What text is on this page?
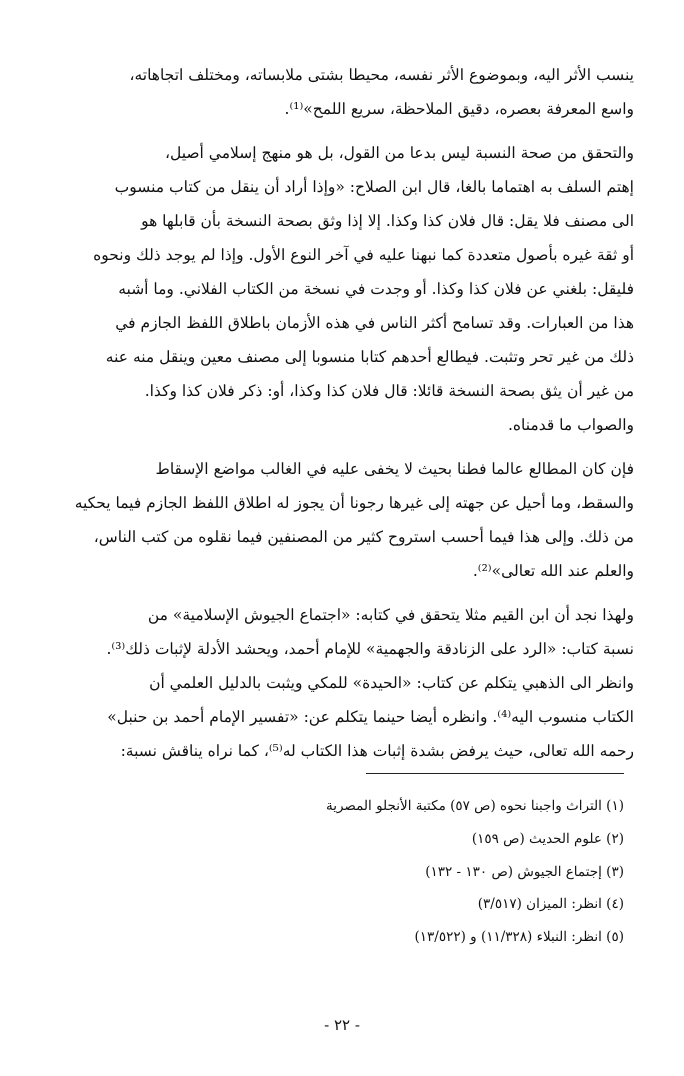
ينسب الأثر اليه، وبموضوع الأثر نفسه، محيطا بشتى ملابساته، ومختلف اتجاهاته،
واسع المعرفة بعصره، دقيق الملاحظة، سريع اللمح»⁽¹⁾.
والتحقق من صحة النسبة ليس بدعا من القول، بل هو منهج إسلامي أصيل،
إهتم السلف به اهتماما بالغا، قال ابن الصلاح: «وإذا أراد أن ينقل من كتاب منسوب
الى مصنف فلا يقل: قال فلان كذا وكذا. إلا إذا وثق بصحة النسخة بأن قابلها هو
أو ثقة غيره بأصول متعددة كما نبهنا عليه في آخر النوع الأول. وإذا لم يوجد ذلك ونحوه
فليقل: بلغني عن فلان كذا وكذا. أو وجدت في نسخة من الكتاب الفلاني. وما أشبه
هذا من العبارات. وقد تسامح أكثر الناس في هذه الأزمان باطلاق اللفظ الجازم في
ذلك من غير تحر وتثبت. فيطالع أحدهم كتابا منسوبا إلى مصنف معين وينقل منه عنه
من غير أن يثق بصحة النسخة قائلا: قال فلان كذا وكذا، أو: ذكر فلان كذا وكذا.
والصواب ما قدمناه.
فإن كان المطالع عالما فطنا بحيث لا يخفى عليه في الغالب مواضع الإسقاط
والسقط، وما أحيل عن جهته إلى غيرها رجونا أن يجوز له اطلاق اللفظ الجازم فيما يحكيه
من ذلك. وإلى هذا فيما أحسب استروح كثير من المصنفين فيما نقلوه من كتب الناس،
والعلم عند الله تعالى»⁽²⁾.
ولهذا نجد أن ابن القيم مثلا يتحقق في كتابه: «اجتماع الجيوش الإسلامية» من
نسبة كتاب: «الرد على الزنادقة والجهمية» للإمام أحمد، ويحشد الأدلة لإثبات ذلك⁽³⁾.
وانظر الى الذهبي يتكلم عن كتاب: «الحيدة» للمكي ويثبت بالدليل العلمي أن
الكتاب منسوب اليه⁽⁴⁾. وانظره أيضا حينما يتكلم عن: «تفسير الإمام أحمد بن حنبل»
رحمه الله تعالى، حيث يرفض بشدة إثبات هذا الكتاب له⁽⁵⁾، كما نراه يناقش نسبة:
(١) التراث واجبنا نحوه (ص ٥٧) مكتبة الأنجلو المصرية
(٢) علوم الحديث (ص ١٥٩)
(٣) إجتماع الجيوش (ص ١٣٠ - ١٣٢)
(٤) انظر: الميزان (٣/٥١٧)
(٥) انظر: النبلاء (١١/٣٢٨) و (١٣/٥٢٢)
- ٢٢ -
